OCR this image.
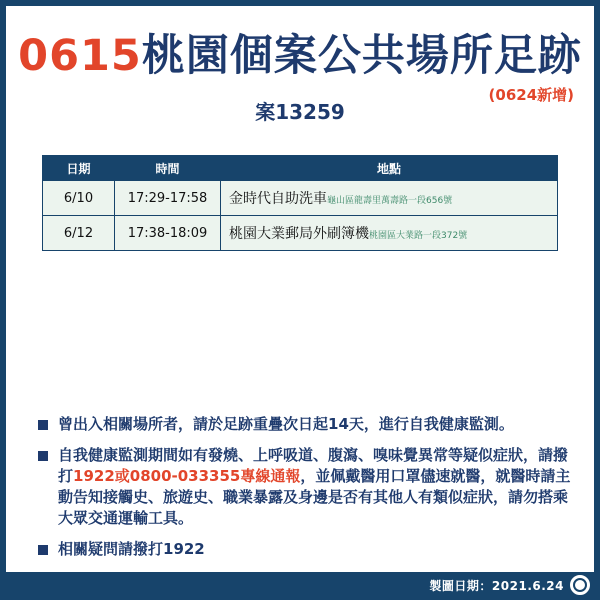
0615桃園個案公共場所足跡
(0624新增)
案13259
日期	時間	地點
6/10	17:29-17:58	金時代自助洗車龜山區龍壽里萬壽路一段656號
6/12	17:38-18:09	桃園大業郵局外刷簿機桃園區大業路一段372號
曾出入相關場所者，請於足跡重疊次日起14天，進行自我健康監測。
自我健康監測期間如有發燒、上呼吸道、腹瀉、嗅味覺異常等疑似症狀，請撥打1922或0800-033355專線通報，並佩戴醫用口罩儘速就醫，就醫時請主動告知接觸史、旅遊史、職業暴露及身邊是否有其他人有類似症狀，請勿搭乘大眾交通運輸工具。
相關疑問請撥打1922
製圖日期：2021.6.24
